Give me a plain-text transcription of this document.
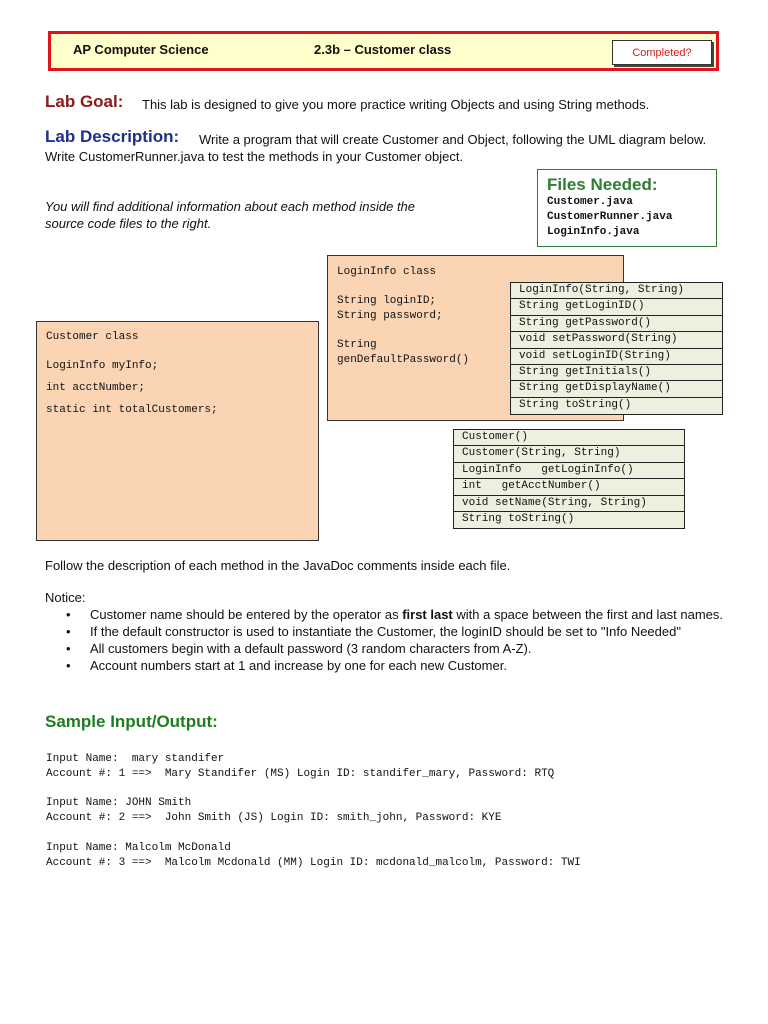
AP Computer Science	2.3b – Customer class	Completed?
Lab Goal: This lab is designed to give you more practice writing Objects and using String methods.
Lab Description:	Write a program that will create Customer and Object, following the UML diagram below. Write CustomerRunner.java to test the methods in your Customer object.
You will find additional information about each method inside the source code files to the right.
Files Needed:
Customer.java
CustomerRunner.java
LoginInfo.java
LoginInfo class
String loginID;
String password;
String
genDefaultPassword()
LoginInfo(String, String)
String getLoginID()
String getPassword()
void setPassword(String)
void setLoginID(String)
String getInitials()
String getDisplayName()
String toString()
Customer class
LoginInfo myInfo;
int acctNumber;
static int totalCustomers;
Customer()
Customer(String, String)
LoginInfo   getLoginInfo()
int   getAcctNumber()
void setName(String, String)
String toString()
Follow the description of each method in the JavaDoc comments inside each file.
Notice:
• Customer name should be entered by the operator as first last with a space between the first and last names.
• If the default constructor is used to instantiate the Customer, the loginID should be set to "Info Needed"
• All customers begin with a default password (3 random characters from A-Z).
• Account numbers start at 1 and increase by one for each new Customer.
Sample Input/Output:
Input Name:  mary standifer
Account #: 1 ==>  Mary Standifer (MS) Login ID: standifer_mary, Password: RTQ
Input Name: JOHN Smith
Account #: 2 ==>  John Smith (JS) Login ID: smith_john, Password: KYE
Input Name: Malcolm McDonald
Account #: 3 ==>  Malcolm Mcdonald (MM) Login ID: mcdonald_malcolm, Password: TWI
